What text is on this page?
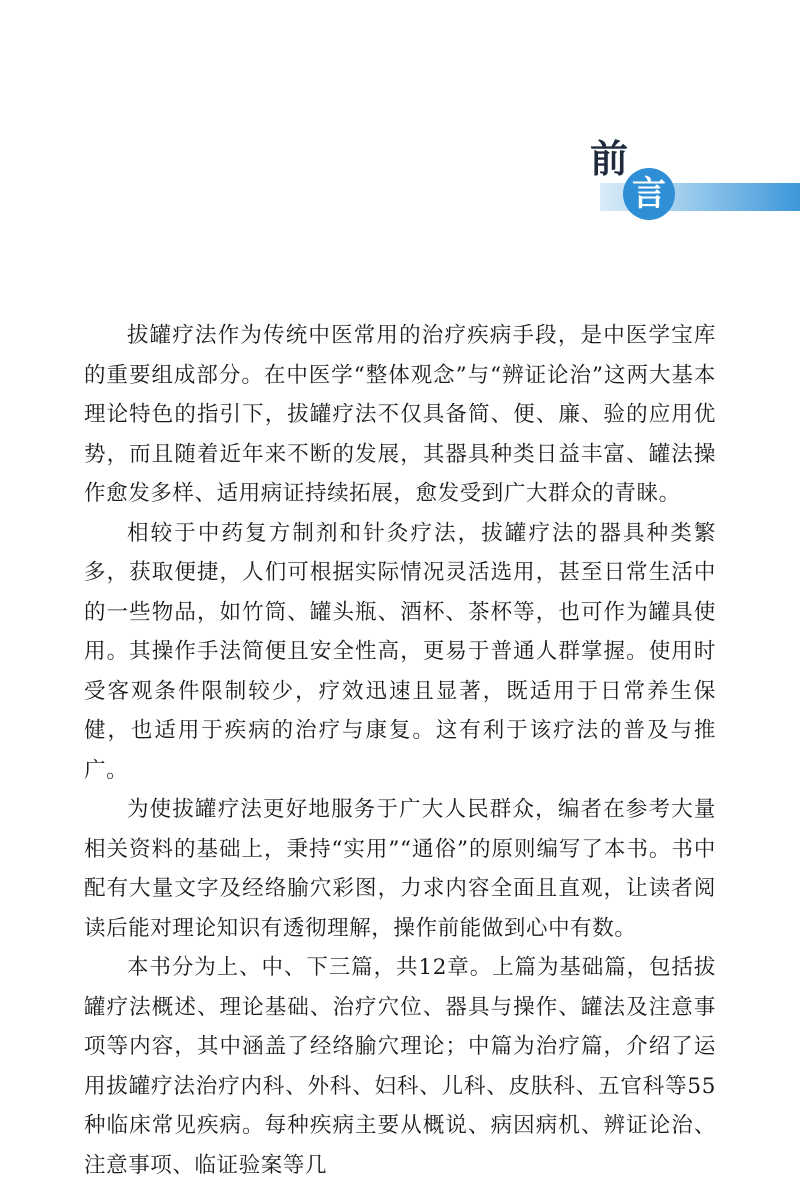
前
言

拔罐疗法作为传统中医常用的治疗疾病手段，是中医学宝库的重要组成部分。在中医学“整体观念”与“辨证论治”这两大基本理论特色的指引下，拔罐疗法不仅具备简、便、廉、验的应用优势，而且随着近年来不断的发展，其器具种类日益丰富、罐法操作愈发多样、适用病证持续拓展，愈发受到广大群众的青睐。

相较于中药复方制剂和针灸疗法，拔罐疗法的器具种类繁多，获取便捷，人们可根据实际情况灵活选用，甚至日常生活中的一些物品，如竹筒、罐头瓶、酒杯、茶杯等，也可作为罐具使用。其操作手法简便且安全性高，更易于普通人群掌握。使用时受客观条件限制较少，疗效迅速且显著，既适用于日常养生保健，也适用于疾病的治疗与康复。这有利于该疗法的普及与推广。

为使拔罐疗法更好地服务于广大人民群众，编者在参考大量相关资料的基础上，秉持“实用”“通俗”的原则编写了本书。书中配有大量文字及经络腧穴彩图，力求内容全面且直观，让读者阅读后能对理论知识有透彻理解，操作前能做到心中有数。

本书分为上、中、下三篇，共12章。上篇为基础篇，包括拔罐疗法概述、理论基础、治疗穴位、器具与操作、罐法及注意事项等内容，其中涵盖了经络腧穴理论；中篇为治疗篇，介绍了运用拔罐疗法治疗内科、外科、妇科、儿科、皮肤科、五官科等55种临床常见疾病。每种疾病主要从概说、病因病机、辨证论治、注意事项、临证验案等几
